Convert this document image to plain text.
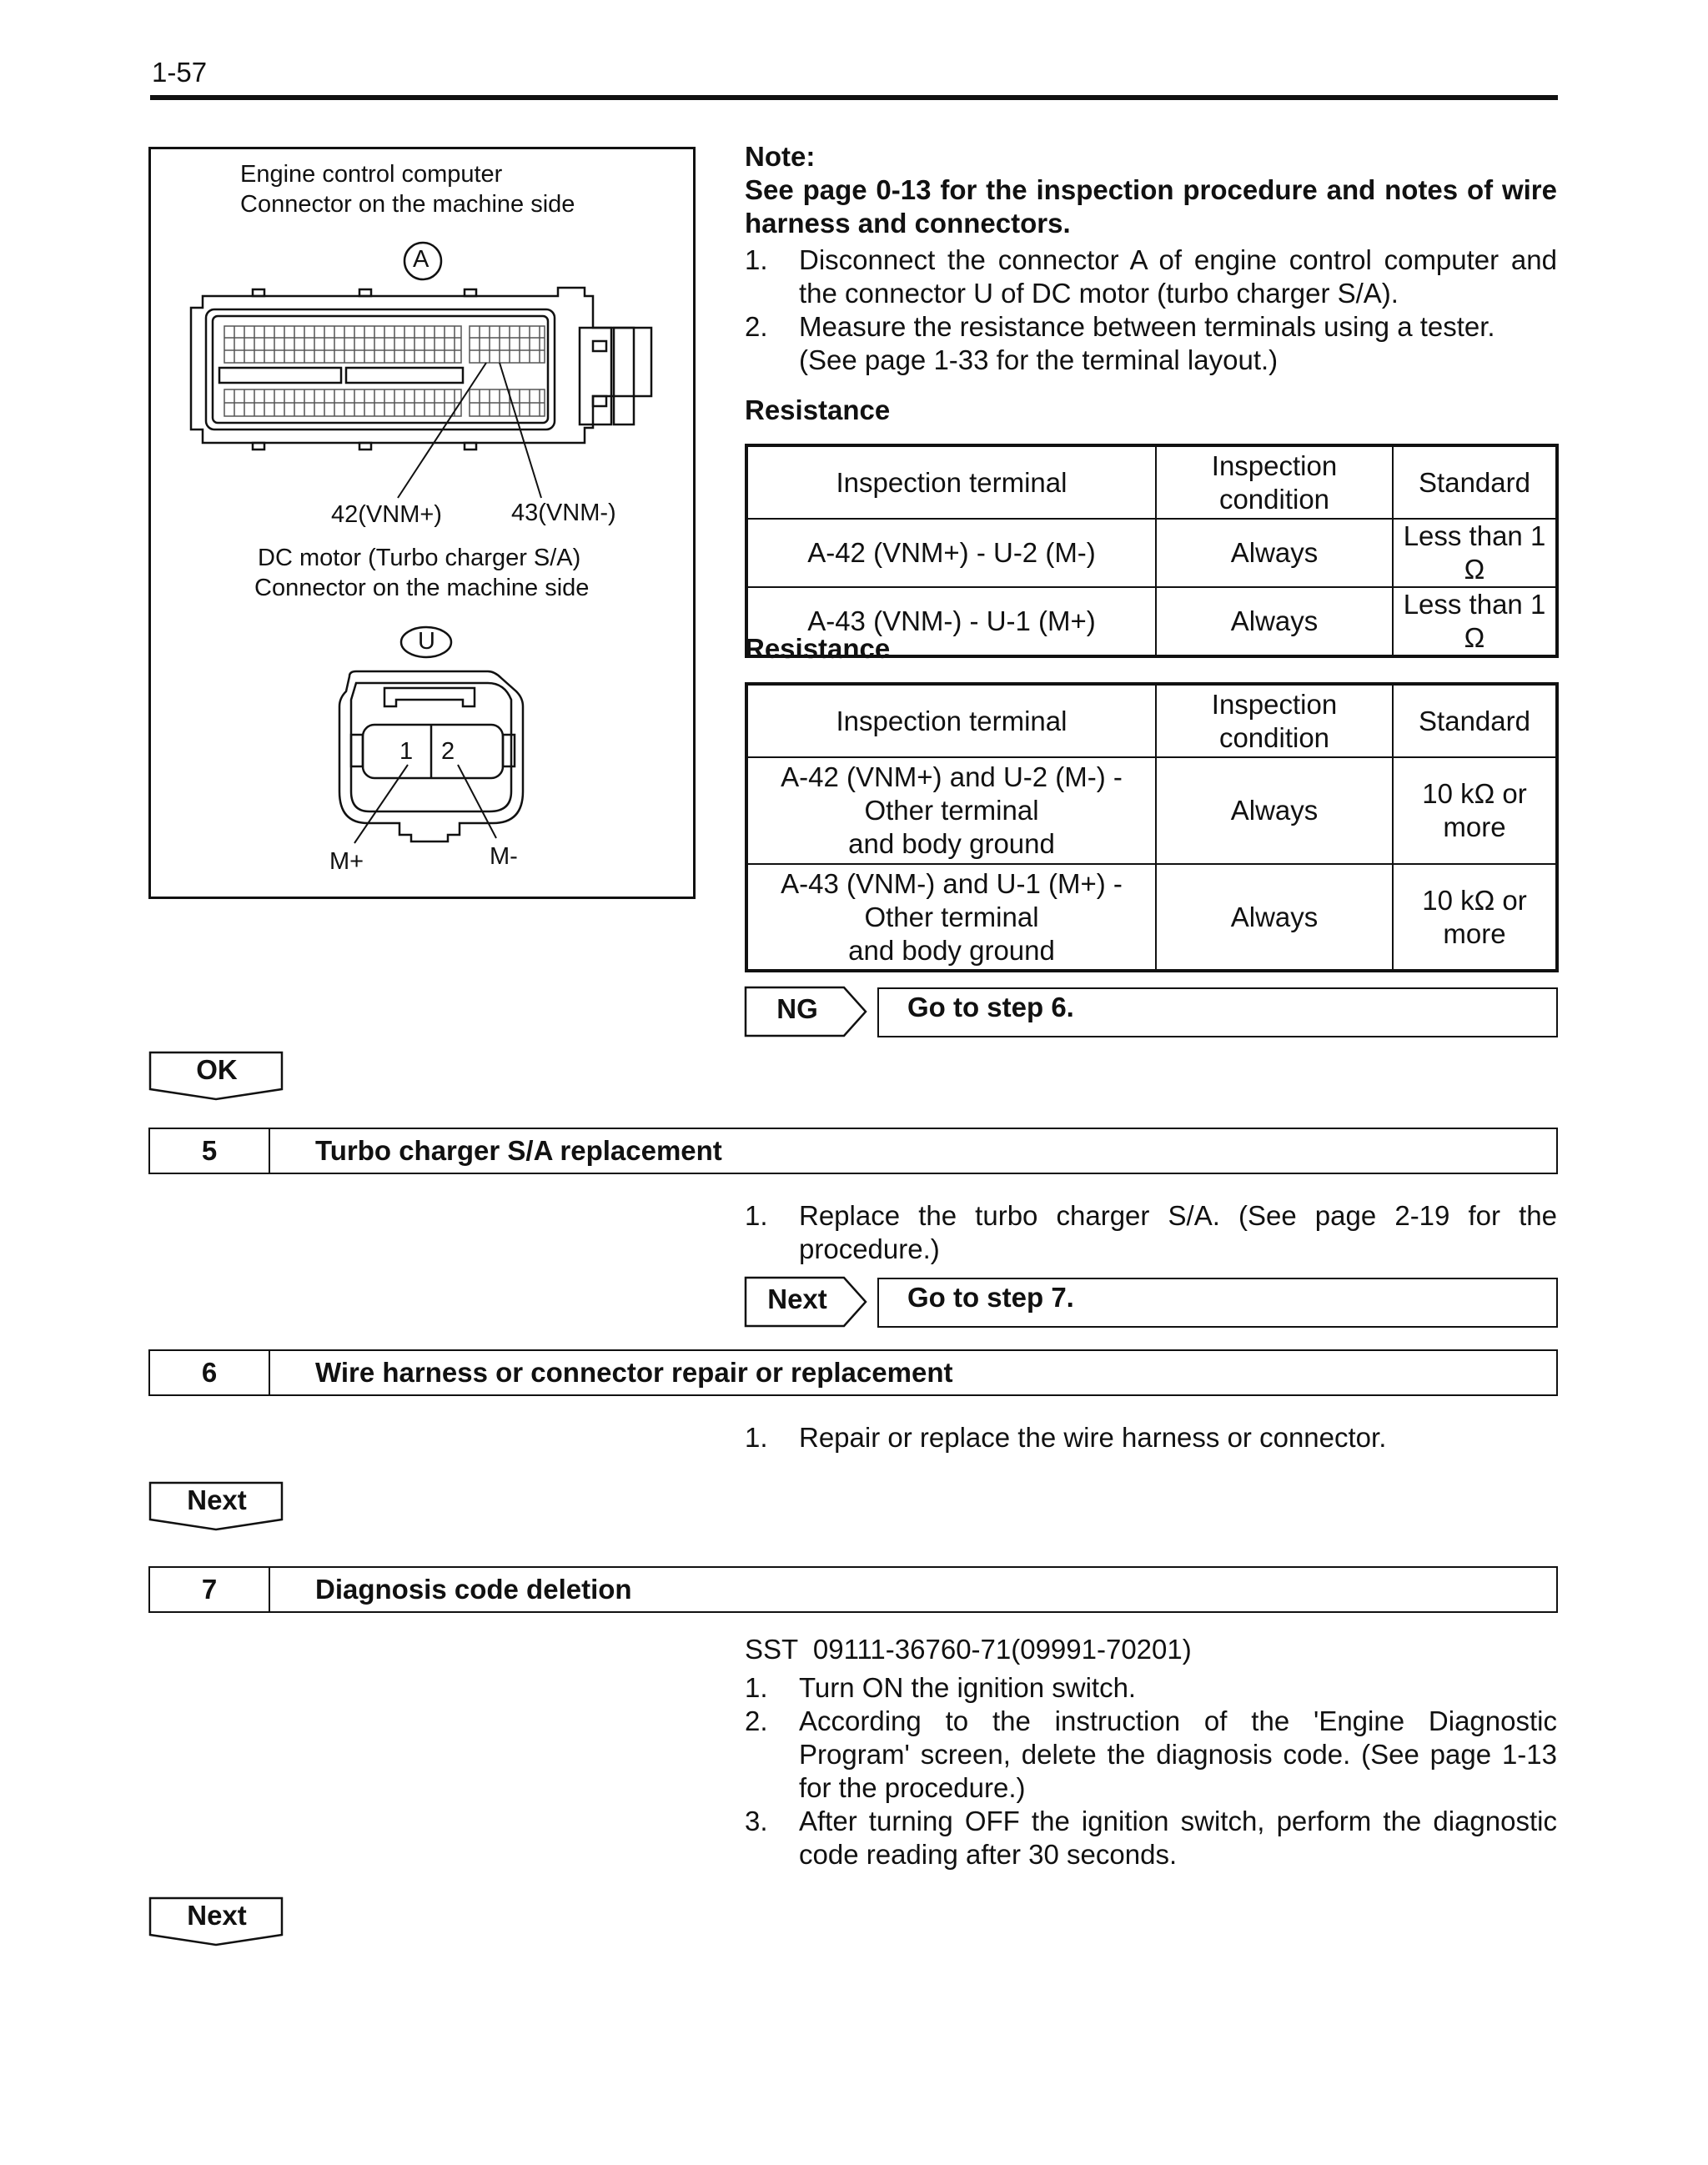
1-57
Engine control computer
Connector on the machine side
A
42(VNM+)	43(VNM-)
DC motor (Turbo charger S/A)
Connector on the machine side
U
1 2
M+	M-
Note:
See page 0-13 for the inspection procedure and notes of wire harness and connectors.
1. Disconnect the connector A of engine control computer and the connector U of DC motor (turbo charger S/A).
2. Measure the resistance between terminals using a tester.
(See page 1-33 for the terminal layout.)
Resistance
Inspection terminal	Inspection condition	Standard
A-42 (VNM+) - U-2 (M-)	Always	Less than 1 Ω
A-43 (VNM-) - U-1 (M+)	Always	Less than 1 Ω
Resistance
Inspection terminal	Inspection condition	Standard

A-42 (VNM+) and U-2 (M-) -
Other terminal
and body ground	Always	10 kΩ or more

A-43 (VNM-) and U-1 (M+) -
Other terminal
and body ground	Always	10 kΩ or more
NG	Go to step 6.
OK
5	Turbo charger S/A replacement
1. Replace the turbo charger S/A. (See page 2-19 for the procedure.)
Next	Go to step 7.
6	Wire harness or connector repair or replacement
1. Repair or replace the wire harness or connector.
Next
7	Diagnosis code deletion
SST  09111-36760-71(09991-70201)
1. Turn ON the ignition switch.
2. According to the instruction of the 'Engine Diagnostic Program' screen, delete the diagnosis code. (See page 1-13 for the procedure.)
3. After turning OFF the ignition switch, perform the diagnostic code reading after 30 seconds.
Next
